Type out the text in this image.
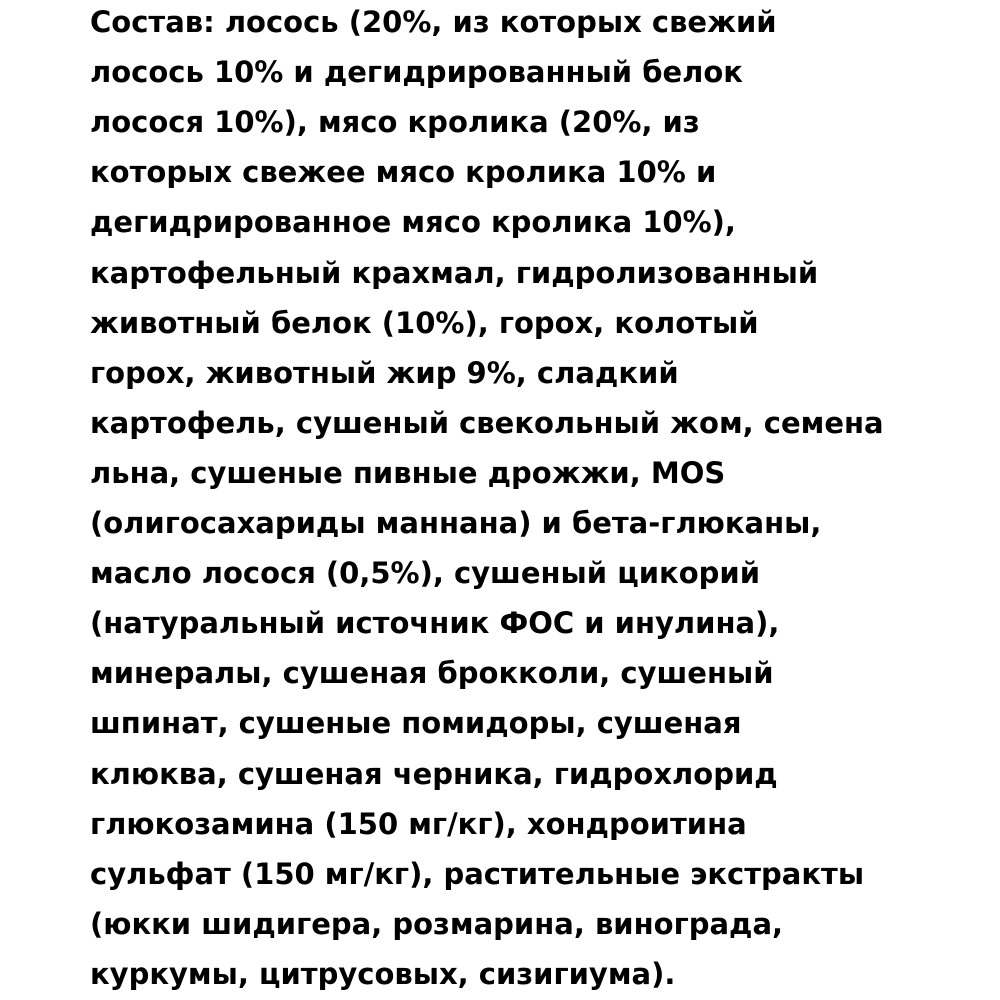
Состав: лосось (20%, из которых свежий
лосось 10% и дегидрированный белок
лосося 10%), мясо кролика (20%, из
которых свежее мясо кролика 10% и
дегидрированное мясо кролика 10%),
картофельный крахмал, гидролизованный
животный белок (10%), горох, колотый
горох, животный жир 9%, сладкий
картофель, сушеный свекольный жом, семена
льна, сушеные пивные дрожжи, MOS
(олигосахариды маннана) и бета-глюканы,
масло лосося (0,5%), сушеный цикорий
(натуральный источник ФОС и инулина),
минералы, сушеная брокколи, сушеный
шпинат, сушеные помидоры, сушеная
клюква, сушеная черника, гидрохлорид
глюкозамина (150 мг/кг), хондроитина
сульфат (150 мг/кг), растительные экстракты
(юкки шидигера, розмарина, винограда,
куркумы, цитрусовых, сизигиума).
